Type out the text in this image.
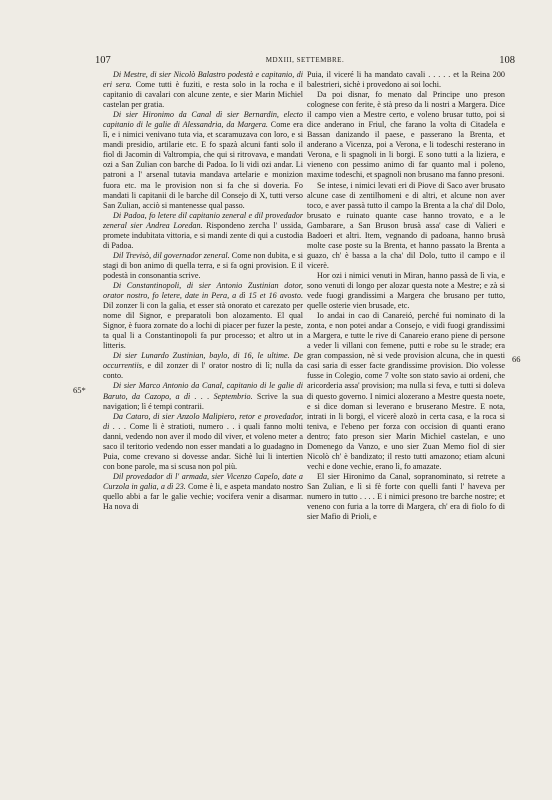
107	MDXIII, SETTEMBRE.	108
65*
66

Di Mestre, di sier Nicolò Balastro podestà e capitanio, di eri sera. Come tutti è fuziti, e resta solo in la rocha e il capitanio di cavalari con alcune zente, e sier Marin Michiel castelan per gratia.

Di sier Hironimo da Canal dì sier Bernardin, electo capitanio di le galie di Alessandria, da Margera. Come era lì, e i nimici venivano tuta via, et scaramuzava con loro, e si mandi presidio, artilarie etc. E fo spazà alcuni fanti solo il fiol di Jacomin di Valtrompia, che qui si ritrovava, e mandati ozi a San Zulian con barche di Padoa. Io li vidi ozi andar. Li patroni a l' arsenal tutavia mandava artelarie e monizion fuora etc. ma le provision non si fa che si doveria. Fo mandati li capitanii di le barche dil Consejo di X, tutti verso San Zulian, acciò si mantenesse qual passo.

Di Padoa, fo letere dil capitanio zeneral e dil provedador zeneral sier Andrea Loredan. Rispondeno zercha l' ussida, promete indubitata vittoria, e si mandi zente di qui a custodia di Padoa.

Dil Trevisò, dil governador zeneral. Come non dubita, e si stagi di bon animo di quella terra, e si fa ogni provision. E il podestà in consonantia scrive.

Di Constantinopoli, di sier Antonio Zustinian dotor, orator nostro, fo letere, date in Pera, a dì 15 et 16 avosto. Dil zonzer li con la galia, et esser stà onorato et carezato per nome dil Signor, e preparatoli bon alozamento. El qual Signor, è fuora zornate do a lochi di piacer per fuzer la peste, ta qual li a Constantinopoli fa pur processo; et altro ut in litteris.

Di sier Lunardo Zustinian, baylo, di 16, le ultime. De occurrentiis, e dil zonzer di l' orator nostro di lì; nulla da conto.

Di sier Marco Antonio da Canal, capitanio di le galie di Baruto, da Cazopo, a dì . . . Septembrio. Scrive la sua navigation; lì é tempi contrarii.

Da Cataro, di sier Anzolo Malipiero, retor e provedador, di . . . Come li è stratioti, numero . . i quali fanno molti danni, vedendo non aver il modo dil viver, et voleno meter a saco il teritorio vedendo non esser mandati a lo guadagno in Puia, come crevano si dovesse andar. Sichè lui li intertien con bone parole, ma si scusa non pol più.

Dil provedador di l' armada, sier Vicenzo Capelo, date a Curzola in galia, a dì 23. Come è li, e aspeta mandato nostro quello abbi a far le galie vechie; vocifera venir a disarmar. Ha nova di

Puia, il viceré li ha mandato cavali . . . . . et la Reina 200 balestrieri, sichè i provedono ai soi lochi.

Da poi disnar, fo menato dal Principe uno preson colognese con ferite, è stà preso da li nostri a Margera. Dice il campo vien a Mestre certo, e voleno brusar tutto, poi si dice anderano in Friul, che farano la volta di Citadela e Bassan danizando il paese, e passerano la Brenta, et anderano a Vicenza, poi a Verona, e li todeschi resterano in Verona, e li spagnoli in li borgi. E sono tutti a la liziera, e vieneno con pessimo animo di far quanto mal i poleno, maxime todeschi, et spagnoli non brusano ma fanno presoni.

Se intese, i nimici levati eri di Piove di Saco aver brusato alcune case di zentilhomeni e di altri, et alcune non aver toco, e aver passà tutto il campo la Brenta a la cha' dil Dolo, brusato e ruinato quante case hanno trovato, e a le Gambarare, a San Bruson brusà assa' case di Valieri e Badoeri et altri. Item, vegnando di padoana, hanno brusà molte case poste su la Brenta, et hanno passato la Brenta a guazo, ch' è bassa a la cha' dil Dolo, tutto il campo e il vicerè.

Hor ozi i nimici venuti in Miran, hanno passà de lì via, e sono venuti di longo per alozar questa note a Mestre; e zà si vede fuogi grandissimi a Margera che brusano per tutto, quelle osterie vien brusade, etc.

Io andai in cao di Canareió, perché fui nominato di la zonta, e non potei andar a Consejo, e vidi fuogi grandissimi a Margera, e tutte le rive di Canareio erano piene di persone a veder li villani con femene, putti e robe su le strade; era gran compassion, nè si vede provision alcuna, che in questi casi saria di esser facte grandissime provision. Dio volesse fusse in Colegio, come 7 volte son stato savio ai ordeni, che aricorderia assa' provision; ma nulla si feva, e tutti si doleva di questo governo. I nimici alozerano a Mestre questa noete, e si dice doman si leverano e bruserano Mestre. E nota, intrati in li borgi, el vicerè alozò in certa casa, e la roca si teniva, e l'ebeno per forza con occision di quanti erano dentro; fato preson sier Marin Michiel castelan, e uno Domenego da Vanzo, e uno sier Zuan Memo fiol di sier Nicolò ch' è bandizato; il resto tutti amazono; etiam alcuni vechi e done vechie, erano lì, fo amazate.

El sier Hironimo da Canal, sopranominato, si retrete a San Zulian, e lì si fè forte con quelli fanti l' haveva per numero in tutto . . . . E i nimici presono tre barche nostre; et veneno con furia a la torre di Margera, ch' era di fiolo fo di sier Mafio di Prioli, e
